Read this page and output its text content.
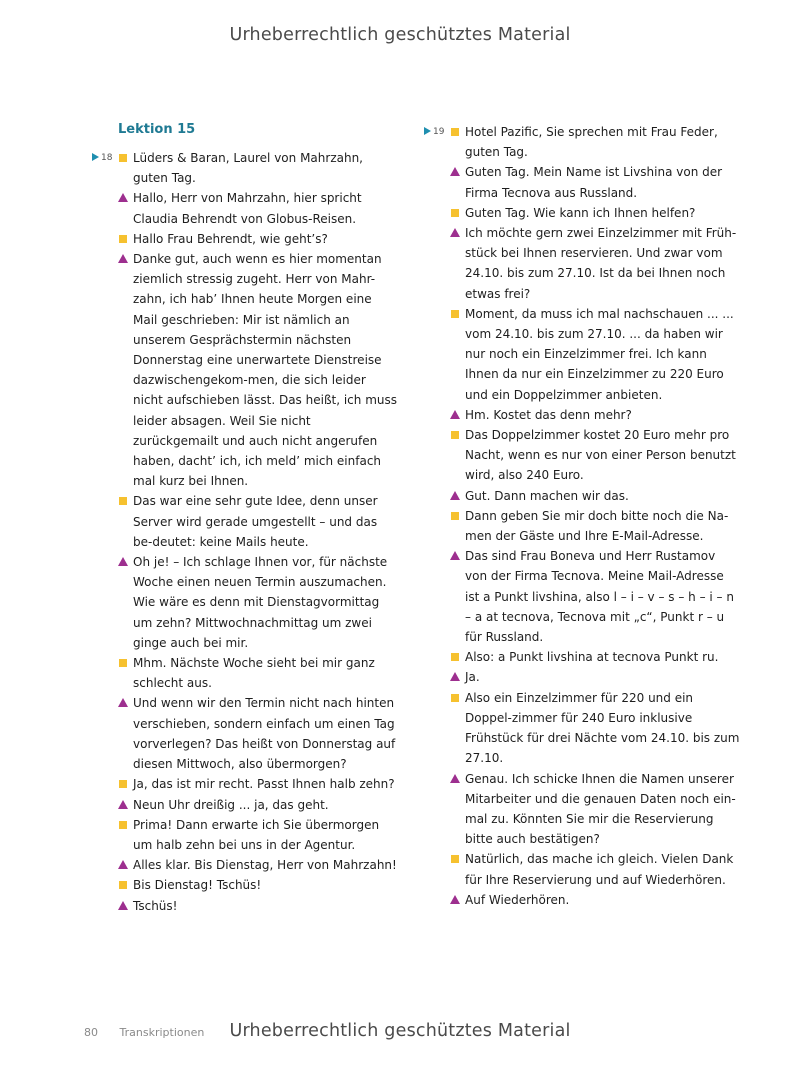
Urheberrechtlich geschütztes Material
Lektion 15
18 Lüders & Baran, Laurel von Mahrzahn, guten Tag.
Hallo, Herr von Mahrzahn, hier spricht Claudia Behrendt von Globus-Reisen.
Hallo Frau Behrendt, wie geht’s?
Danke gut, auch wenn es hier momentan ziemlich stressig zugeht. Herr von Mahr-zahn, ich hab’ Ihnen heute Morgen eine Mail geschrieben: Mir ist nämlich an unserem Gesprächstermin nächsten Donnerstag eine unerwartete Dienstreise dazwischengekom-men, die sich leider nicht aufschieben lässt. Das heißt, ich muss leider absagen. Weil Sie nicht zurückgemailt und auch nicht angerufen haben, dacht’ ich, ich meld’ mich einfach mal kurz bei Ihnen.
Das war eine sehr gute Idee, denn unser Server wird gerade umgestellt – und das be-deutet: keine Mails heute.
Oh je! – Ich schlage Ihnen vor, für nächste Woche einen neuen Termin auszumachen. Wie wäre es denn mit Dienstagvormittag um zehn? Mittwochnachmittag um zwei ginge auch bei mir.
Mhm. Nächste Woche sieht bei mir ganz schlecht aus.
Und wenn wir den Termin nicht nach hinten verschieben, sondern einfach um einen Tag vorverlegen? Das heißt von Donnerstag auf diesen Mittwoch, also übermorgen?
Ja, das ist mir recht. Passt Ihnen halb zehn?
Neun Uhr dreißig ... ja, das geht.
Prima! Dann erwarte ich Sie übermorgen um halb zehn bei uns in der Agentur.
Alles klar. Bis Dienstag, Herr von Mahrzahn!
Bis Dienstag! Tschüs!
Tschüs!
19 Hotel Pazific, Sie sprechen mit Frau Feder, guten Tag.
Guten Tag. Mein Name ist Livshina von der Firma Tecnova aus Russland.
Guten Tag. Wie kann ich Ihnen helfen?
Ich möchte gern zwei Einzelzimmer mit Früh-stück bei Ihnen reservieren. Und zwar vom 24.10. bis zum 27.10. Ist da bei Ihnen noch etwas frei?
Moment, da muss ich mal nachschauen ... ... vom 24.10. bis zum 27.10. ... da haben wir nur noch ein Einzelzimmer frei. Ich kann Ihnen da nur ein Einzelzimmer zu 220 Euro und ein Doppelzimmer anbieten.
Hm. Kostet das denn mehr?
Das Doppelzimmer kostet 20 Euro mehr pro Nacht, wenn es nur von einer Person benutzt wird, also 240 Euro.
Gut. Dann machen wir das.
Dann geben Sie mir doch bitte noch die Na-men der Gäste und Ihre E-Mail-Adresse.
Das sind Frau Boneva und Herr Rustamov von der Firma Tecnova. Meine Mail-Adresse ist a Punkt livshina, also l – i – v – s – h – i – n – a at tecnova, Tecnova mit „c“, Punkt r – u für Russland.
Also: a Punkt livshina at tecnova Punkt ru.
Ja.
Also ein Einzelzimmer für 220 und ein Doppel-zimmer für 240 Euro inklusive Frühstück für drei Nächte vom 24.10. bis zum 27.10.
Genau. Ich schicke Ihnen die Namen unserer Mitarbeiter und die genauen Daten noch ein-mal zu. Könnten Sie mir die Reservierung bitte auch bestätigen?
Natürlich, das mache ich gleich. Vielen Dank für Ihre Reservierung und auf Wiederhören.
Auf Wiederhören.
80 Transkriptionen	Urheberrechtlich geschütztes Material
